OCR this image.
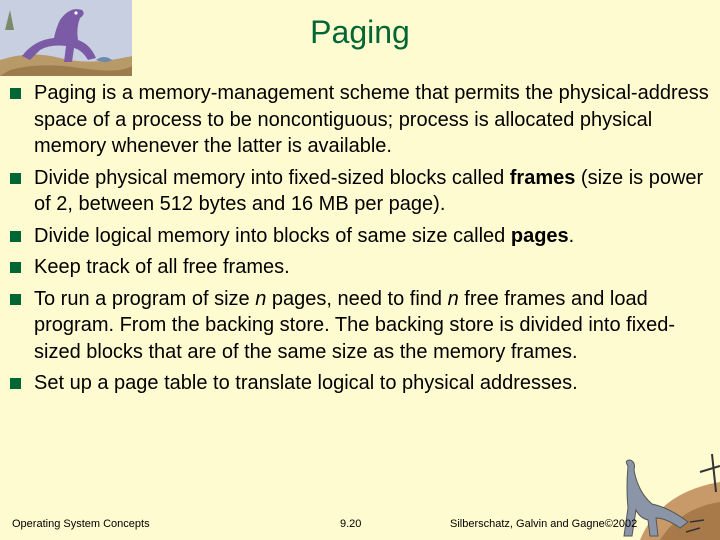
Paging
Paging is a memory-management scheme that permits the physical-address space of a process to be noncontiguous; process is allocated physical memory whenever the latter is available.
Divide physical memory into fixed-sized blocks called frames (size is power of 2, between 512 bytes and 16 MB per page).
Divide logical memory into blocks of same size called pages.
Keep track of all free frames.
To run a program of size n pages, need to find n free frames and load program. From the backing store. The backing store is divided into fixed-sized blocks that are of the same size as the memory frames.
Set up a page table to translate logical to physical addresses.
Operating System Concepts	9.20	Silberschatz, Galvin and Gagne©2002
